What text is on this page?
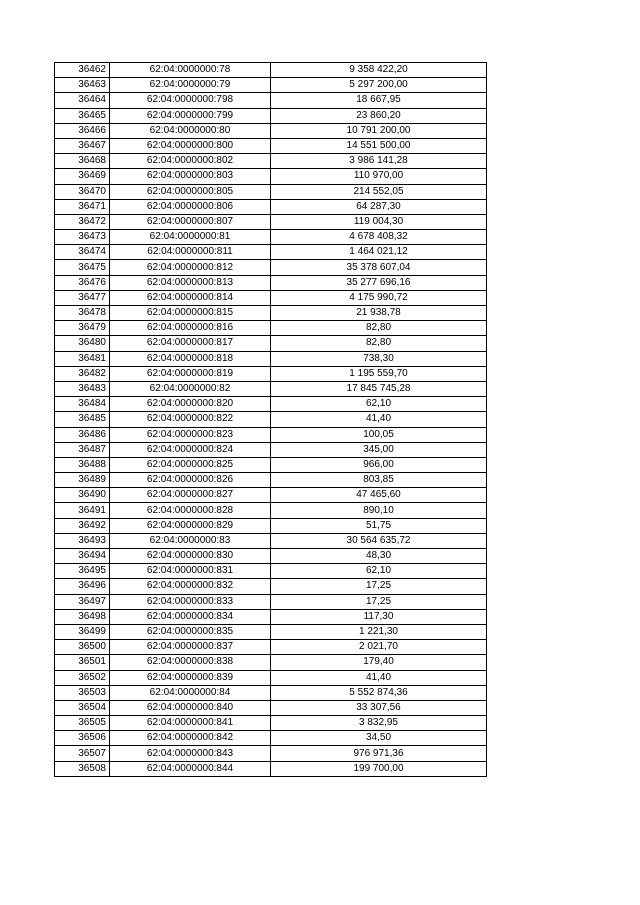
36462	62:04:0000000:78	9 358 422,20
36463	62:04:0000000:79	5 297 200,00
36464	62:04:0000000:798	18 667,95
36465	62:04:0000000:799	23 860,20
36466	62:04:0000000:80	10 791 200,00
36467	62:04:0000000:800	14 551 500,00
36468	62:04:0000000:802	3 986 141,28
36469	62:04:0000000:803	110 970,00
36470	62:04:0000000:805	214 552,05
36471	62:04:0000000:806	64 287,30
36472	62:04:0000000:807	119 004,30
36473	62:04:0000000:81	4 678 408,32
36474	62:04:0000000:811	1 464 021,12
36475	62:04:0000000:812	35 378 607,04
36476	62:04:0000000:813	35 277 696,16
36477	62:04:0000000:814	4 175 990,72
36478	62:04:0000000:815	21 938,78
36479	62:04:0000000:816	82,80
36480	62:04:0000000:817	82,80
36481	62:04:0000000:818	738,30
36482	62:04:0000000:819	1 195 559,70
36483	62:04:0000000:82	17 845 745,28
36484	62:04:0000000:820	62,10
36485	62:04:0000000:822	41,40
36486	62:04:0000000:823	100,05
36487	62:04:0000000:824	345,00
36488	62:04:0000000:825	966,00
36489	62:04:0000000:826	803,85
36490	62:04:0000000:827	47 465,60
36491	62:04:0000000:828	890,10
36492	62:04:0000000:829	51,75
36493	62:04:0000000:83	30 564 635,72
36494	62:04:0000000:830	48,30
36495	62:04:0000000:831	62,10
36496	62:04:0000000:832	17,25
36497	62:04:0000000:833	17,25
36498	62:04:0000000:834	117,30
36499	62:04:0000000:835	1 221,30
36500	62:04:0000000:837	2 021,70
36501	62:04:0000000:838	179,40
36502	62:04:0000000:839	41,40
36503	62:04:0000000:84	5 552 874,36
36504	62:04:0000000:840	33 307,56
36505	62:04:0000000:841	3 832,95
36506	62:04:0000000:842	34,50
36507	62:04:0000000:843	976 971,36
36508	62:04:0000000:844	199 700,00
